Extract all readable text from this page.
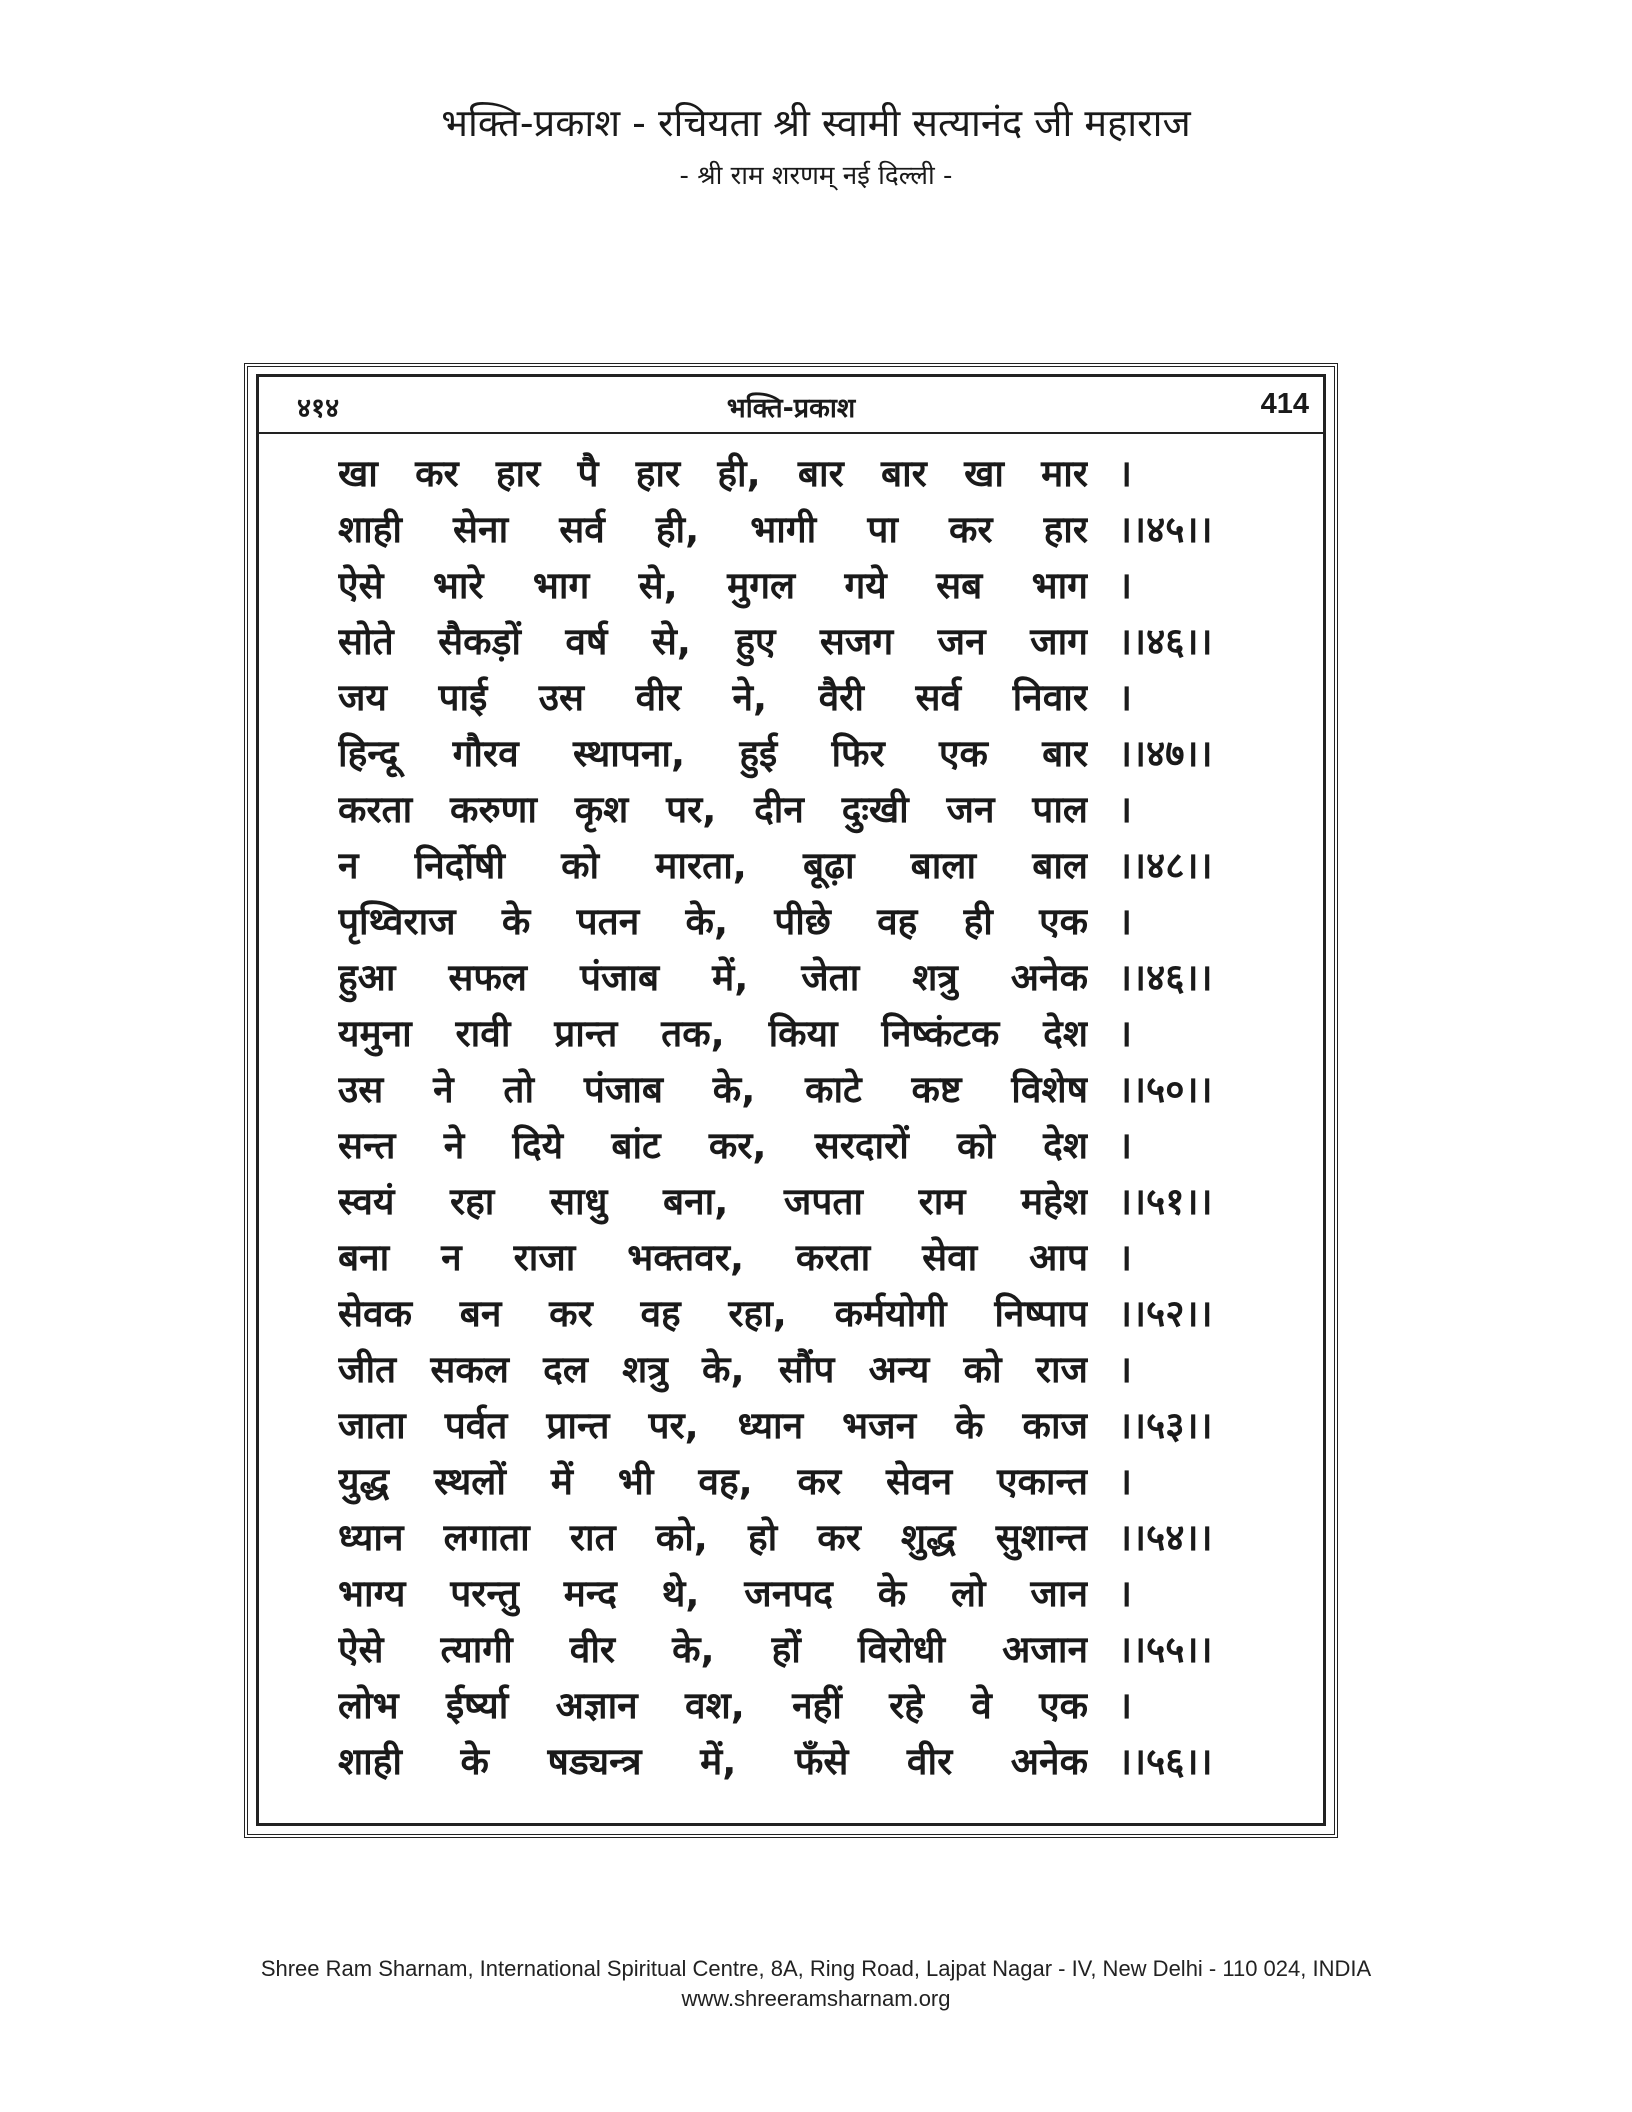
भक्ति-प्रकाश - रचियता श्री स्वामी सत्यानंद जी महाराज
- श्री राम शरणम् नई दिल्ली -
४१४	भक्ति-प्रकाश	414
खा कर हार पै हार ही, बार बार खा मार ।
शाही सेना सर्व ही, भागी पा कर हार ।।४५।।
ऐसे भारे भाग से, मुगल गये सब भाग ।
सोते सैकड़ों वर्ष से, हुए सजग जन जाग ।।४६।।
जय पाई उस वीर ने, वैरी सर्व निवार ।
हिन्दू गौरव स्थापना, हुई फिर एक बार ।।४७।।
करता करुणा कृश पर, दीन दुःखी जन पाल ।
न निर्दोषी को मारता, बूढ़ा बाला बाल ।।४८।।
पृथ्विराज के पतन के, पीछे वह ही एक ।
हुआ सफल पंजाब में, जेता शत्रु अनेक ।।४६।।
यमुना रावी प्रान्त तक, किया निष्कंटक देश ।
उस ने तो पंजाब के, काटे कष्ट विशेष ।।५०।।
सन्त ने दिये बांट कर, सरदारों को देश ।
स्वयं रहा साधु बना, जपता राम महेश ।।५१।।
बना न राजा भक्तवर, करता सेवा आप ।
सेवक बन कर वह रहा, कर्मयोगी निष्पाप ।।५२।।
जीत सकल दल शत्रु के, सौंप अन्य को राज ।
जाता पर्वत प्रान्त पर, ध्यान भजन के काज ।।५३।।
युद्ध स्थलों में भी वह, कर सेवन एकान्त ।
ध्यान लगाता रात को, हो कर शुद्ध सुशान्त ।।५४।।
भाग्य परन्तु मन्द थे, जनपद के लो जान ।
ऐसे त्यागी वीर के, हों विरोधी अजान ।।५५।।
लोभ ईर्ष्या अज्ञान वश, नहीं रहे वे एक ।
शाही के षड्यन्त्र में, फँसे वीर अनेक ।।५६।।
Shree Ram Sharnam, International Spiritual Centre, 8A, Ring Road, Lajpat Nagar - IV, New Delhi - 110 024, INDIA
www.shreeramsharnam.org
